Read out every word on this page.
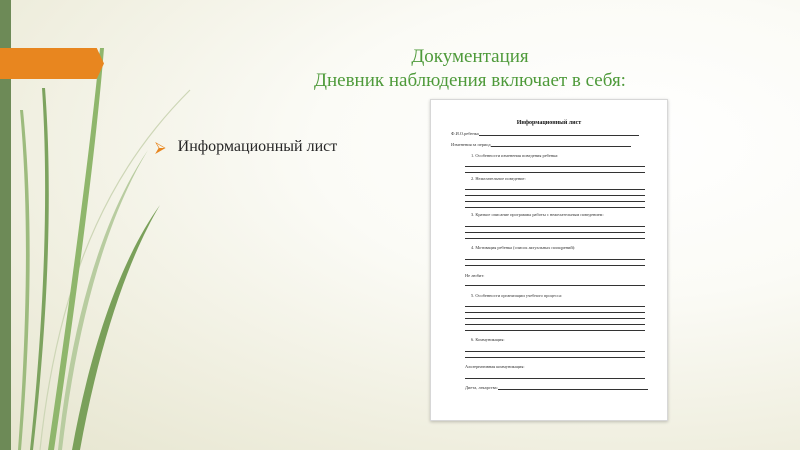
Документация
Дневник наблюдения включает в себя:
⮚ Информационный лист
Информационный лист
Ф.И.О.ребенка
Изменения за период
1. Особенности изменения поведения ребенка:
2. Нежелательное поведение:
3. Краткое описание программы работы с нежелательным поведением:
4. Мотивация ребенка (список актуальных поощрений):
Не любит:
5. Особенности организации учебного процесса:
6. Коммуникация:
Альтернативная коммуникация:
Диета, лекарства:
